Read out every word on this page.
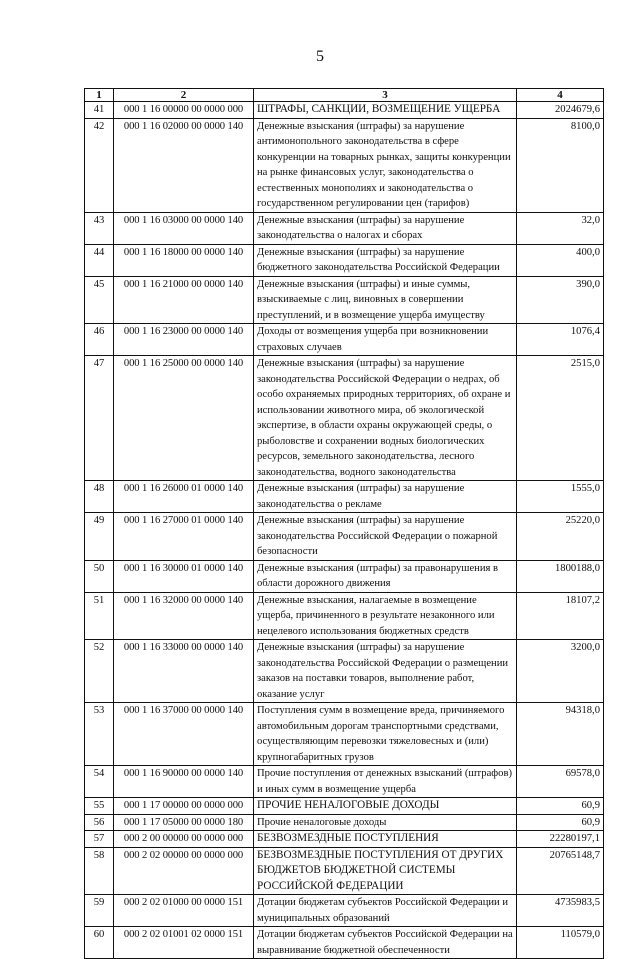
5
1	2	3	4
41	000 1 16 00000 00 0000 000	ШТРАФЫ, САНКЦИИ, ВОЗМЕЩЕНИЕ УЩЕРБА	2024679,6
42	000 1 16 02000 00 0000 140	Денежные взыскания (штрафы) за нарушение антимонопольного законодательства в сфере конкуренции на товарных рынках, защиты конкуренции на рынке финансовых услуг, законодательства о естественных монополиях и законодательства о государственном регулировании цен (тарифов)	8100,0
43	000 1 16 03000 00 0000 140	Денежные взыскания (штрафы) за нарушение законодательства о налогах и сборах	32,0
44	000 1 16 18000 00 0000 140	Денежные взыскания (штрафы) за нарушение бюджетного законодательства Российской Федерации	400,0
45	000 1 16 21000 00 0000 140	Денежные взыскания (штрафы) и иные суммы, взыскиваемые с лиц, виновных в совершении преступлений, и в возмещение ущерба имуществу	390,0
46	000 1 16 23000 00 0000 140	Доходы от возмещения ущерба при возникновении страховых случаев	1076,4
47	000 1 16 25000 00 0000 140	Денежные взыскания (штрафы) за нарушение законодательства Российской Федерации о недрах, об особо охраняемых природных территориях, об охране и использовании животного мира, об экологической экспертизе, в области охраны окружающей среды, о рыболовстве и сохранении водных биологических ресурсов, земельного законодательства, лесного законодательства, водного законодательства	2515,0
48	000 1 16 26000 01 0000 140	Денежные взыскания (штрафы) за нарушение законодательства о рекламе	1555,0
49	000 1 16 27000 01 0000 140	Денежные взыскания (штрафы) за нарушение законодательства Российской Федерации о пожарной безопасности	25220,0
50	000 1 16 30000 01 0000 140	Денежные взыскания (штрафы) за правонарушения в области дорожного движения	1800188,0
51	000 1 16 32000 00 0000 140	Денежные взыскания, налагаемые в возмещение ущерба, причиненного в результате незаконного или нецелевого использования бюджетных средств	18107,2
52	000 1 16 33000 00 0000 140	Денежные взыскания (штрафы) за нарушение законодательства Российской Федерации о размещении заказов на поставки товаров, выполнение работ, оказание услуг	3200,0
53	000 1 16 37000 00 0000 140	Поступления сумм в возмещение вреда, причиняемого автомобильным дорогам транспортными средствами, осуществляющим перевозки тяжеловесных и (или) крупногабаритных грузов	94318,0
54	000 1 16 90000 00 0000 140	Прочие поступления от денежных взысканий (штрафов) и иных сумм в возмещение ущерба	69578,0
55	000 1 17 00000 00 0000 000	ПРОЧИЕ НЕНАЛОГОВЫЕ ДОХОДЫ	60,9
56	000 1 17 05000 00 0000 180	Прочие неналоговые доходы	60,9
57	000 2 00 00000 00 0000 000	БЕЗВОЗМЕЗДНЫЕ ПОСТУПЛЕНИЯ	22280197,1
58	000 2 02 00000 00 0000 000	БЕЗВОЗМЕЗДНЫЕ ПОСТУПЛЕНИЯ ОТ ДРУГИХ БЮДЖЕТОВ БЮДЖЕТНОЙ СИСТЕМЫ РОССИЙСКОЙ ФЕДЕРАЦИИ	20765148,7
59	000 2 02 01000 00 0000 151	Дотации бюджетам субъектов Российской Федерации и муниципальных образований	4735983,5
60	000 2 02 01001 02 0000 151	Дотации бюджетам субъектов Российской Федерации на выравнивание бюджетной обеспеченности	110579,0
